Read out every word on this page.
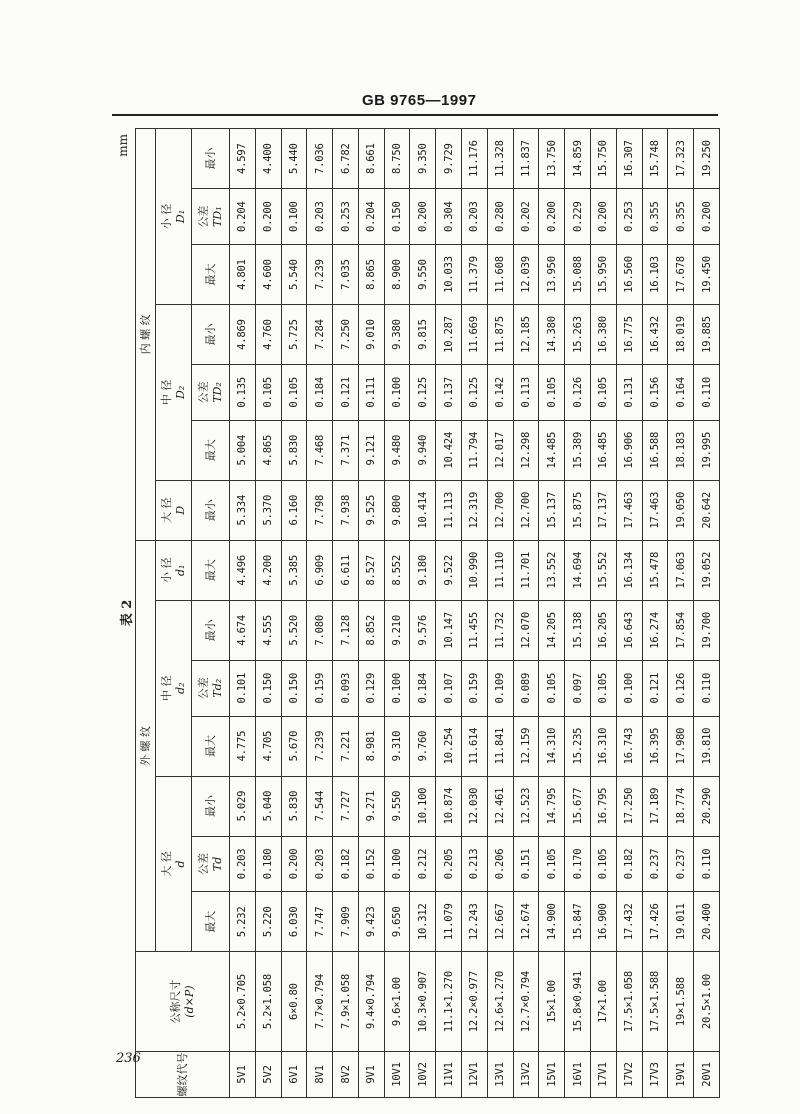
GB 9765—1997
表 2
mm
螺纹代号	公称尺寸 (d×P)	外 螺 纹							内 螺 纹						
		大 径 d			中 径 d₂			小 径 d₁	大 径 D	中 径 D₂			小 径 D₁		

		最大	公差 Td	最小	最大	公差 Td₂	最小	最大	最小	最大	公差 TD₂	最小	最大	公差 TD₁	最小
5V1	5.2×0.705	5.232	0.203	5.029	4.775	0.101	4.674	4.496	5.334	5.004	0.135	4.869	4.801	0.204	4.597
5V2	5.2×1.058	5.220	0.180	5.040	4.705	0.150	4.555	4.200	5.370	4.865	0.105	4.760	4.600	0.200	4.400
6V1	6×0.80	6.030	0.200	5.830	5.670	0.150	5.520	5.385	6.160	5.830	0.105	5.725	5.540	0.100	5.440
8V1	7.7×0.794	7.747	0.203	7.544	7.239	0.159	7.080	6.909	7.798	7.468	0.184	7.284	7.239	0.203	7.036
8V2	7.9×1.058	7.909	0.182	7.727	7.221	0.093	7.128	6.611	7.938	7.371	0.121	7.250	7.035	0.253	6.782
9V1	9.4×0.794	9.423	0.152	9.271	8.981	0.129	8.852	8.527	9.525	9.121	0.111	9.010	8.865	0.204	8.661
10V1	9.6×1.00	9.650	0.100	9.550	9.310	0.100	9.210	8.552	9.800	9.480	0.100	9.380	8.900	0.150	8.750
10V2	10.3×0.907	10.312	0.212	10.100	9.760	0.184	9.576	9.180	10.414	9.940	0.125	9.815	9.550	0.200	9.350
11V1	11.1×1.270	11.079	0.205	10.874	10.254	0.107	10.147	9.522	11.113	10.424	0.137	10.287	10.033	0.304	9.729
12V1	12.2×0.977	12.243	0.213	12.030	11.614	0.159	11.455	10.990	12.319	11.794	0.125	11.669	11.379	0.203	11.176
13V1	12.6×1.270	12.667	0.206	12.461	11.841	0.109	11.732	11.110	12.700	12.017	0.142	11.875	11.608	0.280	11.328
13V2	12.7×0.794	12.674	0.151	12.523	12.159	0.089	12.070	11.701	12.700	12.298	0.113	12.185	12.039	0.202	11.837
15V1	15×1.00	14.900	0.105	14.795	14.310	0.105	14.205	13.552	15.137	14.485	0.105	14.380	13.950	0.200	13.750
16V1	15.8×0.941	15.847	0.170	15.677	15.235	0.097	15.138	14.694	15.875	15.389	0.126	15.263	15.088	0.229	14.859
17V1	17×1.00	16.900	0.105	16.795	16.310	0.105	16.205	15.552	17.137	16.485	0.105	16.380	15.950	0.200	15.750
17V2	17.5×1.058	17.432	0.182	17.250	16.743	0.100	16.643	16.134	17.463	16.906	0.131	16.775	16.560	0.253	16.307
17V3	17.5×1.588	17.426	0.237	17.189	16.395	0.121	16.274	15.478	17.463	16.588	0.156	16.432	16.103	0.355	15.748
19V1	19×1.588	19.011	0.237	18.774	17.980	0.126	17.854	17.063	19.050	18.183	0.164	18.019	17.678	0.355	17.323
20V1	20.5×1.00	20.400	0.110	20.290	19.810	0.110	19.700	19.052	20.642	19.995	0.110	19.885	19.450	0.200	19.250
236
